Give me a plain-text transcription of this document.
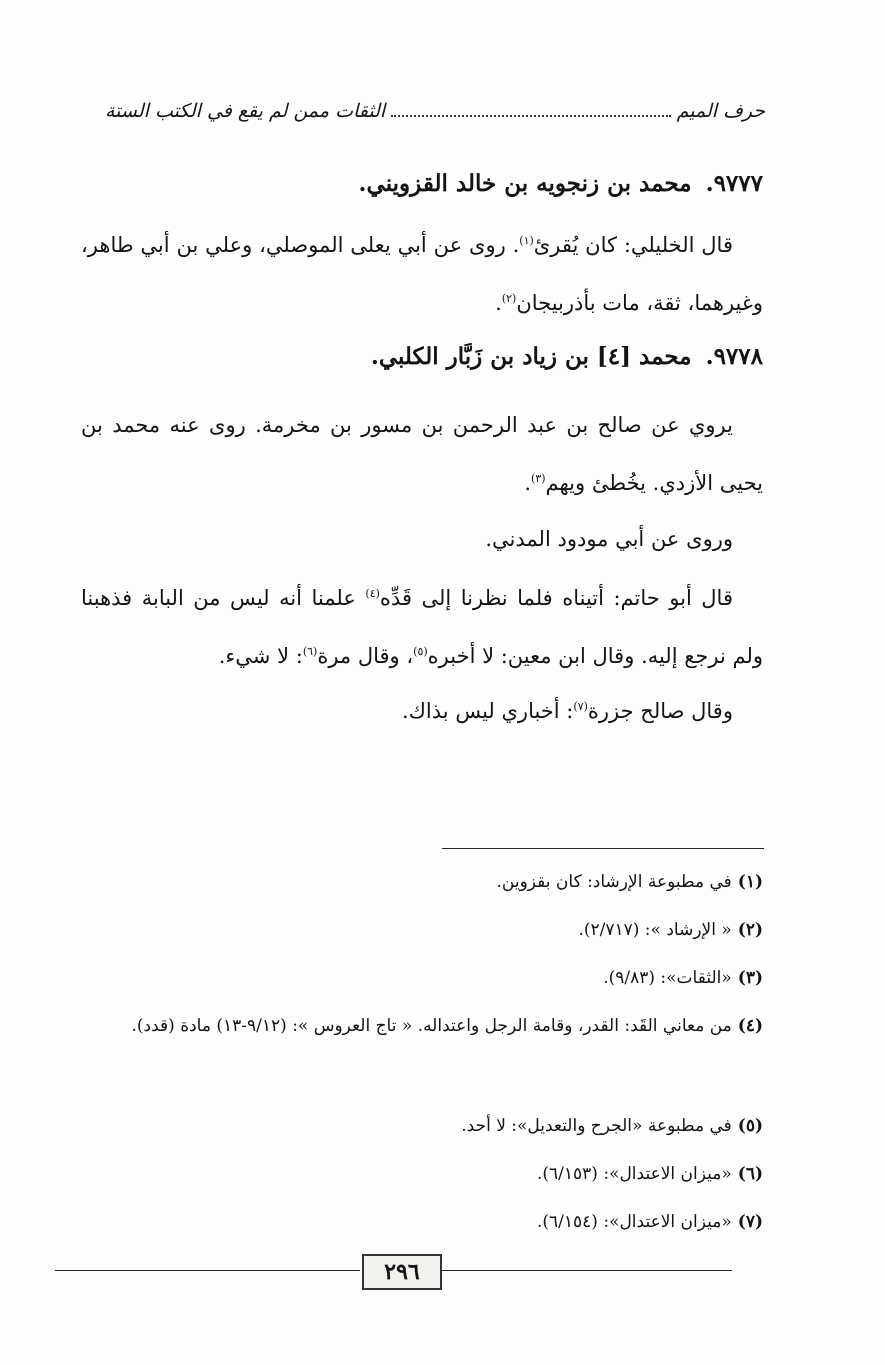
حرف الميم
الثقات ممن لم يقع في الكتب الستة
٩٧٧٧.محمد بن زنجويه بن خالد القزويني.
قال الخليلي: كان يُقرئ$^{(١)}$. روى عن أبي يعلى الموصلي، وعلي بن أبي طاهر، وغيرهما، ثقة، مات بأذربيجان$^{(٢)}$.
٩٧٧٨.محمد [٤] بن زياد بن زَبَّار الكلبي.
يروي عن صالح بن عبد الرحمن بن مسور بن مخرمة. روى عنه محمد بن يحيى الأزدي. يخُطئ ويهم$^{(٣)}$.
وروى عن أبي مودود المدني.
قال أبو حاتم: أتيناه فلما نظرنا إلى قَدِّه$^{(٤)}$ علمنا أنه ليس من البابة فذهبنا ولم نرجع إليه. وقال ابن معين: لا أخبره$^{(٥)}$، وقال مرة$^{(٦)}$: لا شيء.
وقال صالح جزرة$^{(٧)}$: أخباري ليس بذاك.
(١)في مطبوعة الإرشاد: كان بقزوين.
(٢)« الإرشاد »: (٢/٧١٧).
(٣)«الثقات»: (٩/٨٣).
(٤)من معاني القَد: القدر، وقامة الرجل واعتداله. « تاج العروس »: (٩/١٢-١٣) مادة (قدد).
(٥)في مطبوعة «الجرح والتعديل»: لا أحد.
(٦)«ميزان الاعتدال»: (٦/١٥٣).
(٧)«ميزان الاعتدال»: (٦/١٥٤).
٢٩٦
